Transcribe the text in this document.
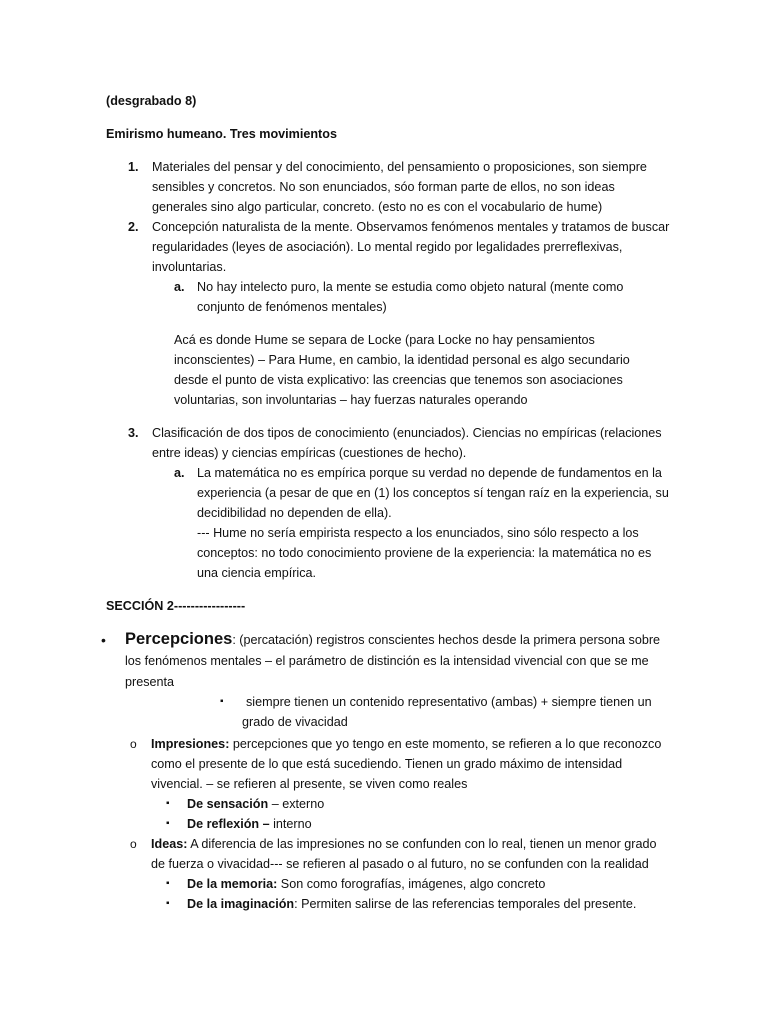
(desgrabado 8)
Emirismo humeano. Tres movimientos
1. Materiales del pensar y del conocimiento, del pensamiento o proposiciones, son siempre sensibles y concretos. No son enunciados, sóo forman parte de ellos, no son ideas generales sino algo particular, concreto. (esto no es con el vocabulario de hume)
2. Concepción naturalista de la mente. Observamos fenómenos mentales y tratamos de buscar regularidades (leyes de asociación). Lo mental regido por legalidades prerreflexivas, involuntarias.
a. No hay intelecto puro, la mente se estudia como objeto natural (mente como conjunto de fenómenos mentales)
Acá es donde Hume se separa de Locke (para Locke no hay pensamientos inconscientes) – Para Hume, en cambio, la identidad personal es algo secundario desde el punto de vista explicativo: las creencias que tenemos son asociaciones voluntarias, son involuntarias – hay fuerzas naturales operando
3. Clasificación de dos tipos de conocimiento (enunciados). Ciencias no empíricas (relaciones entre ideas) y ciencias empíricas (cuestiones de hecho).
a. La matemática no es empírica porque su verdad no depende de fundamentos en la experiencia (a pesar de que en (1) los conceptos sí tengan raíz en la experiencia, su decidibilidad no dependen de ella).
--- Hume no sería empirista respecto a los enunciados, sino sólo respecto a los conceptos: no todo conocimiento proviene de la experiencia: la matemática no es una ciencia empírica.
SECCIÓN 2-----------------
• Percepciones: (percatación) registros conscientes hechos desde la primera persona sobre los fenómenos mentales – el parámetro de distinción es la intensidad vivencial con que se me presenta
▪	siempre tienen un contenido representativo (ambas) + siempre tienen un grado de vivacidad
o Impresiones: percepciones que yo tengo en este momento, se refieren a lo que reconozco como el presente de lo que está sucediendo. Tienen un grado máximo de intensidad vivencial. – se refieren al presente, se viven como reales
▪ De sensación – externo
▪ De reflexión – interno
o Ideas: A diferencia de las impresiones no se confunden con lo real, tienen un menor grado de fuerza o vivacidad--- se refieren al pasado o al futuro, no se confunden con la realidad
▪ De la memoria: Son como forografías, imágenes, algo concreto
▪ De la imaginación: Permiten salirse de las referencias temporales del presente.
